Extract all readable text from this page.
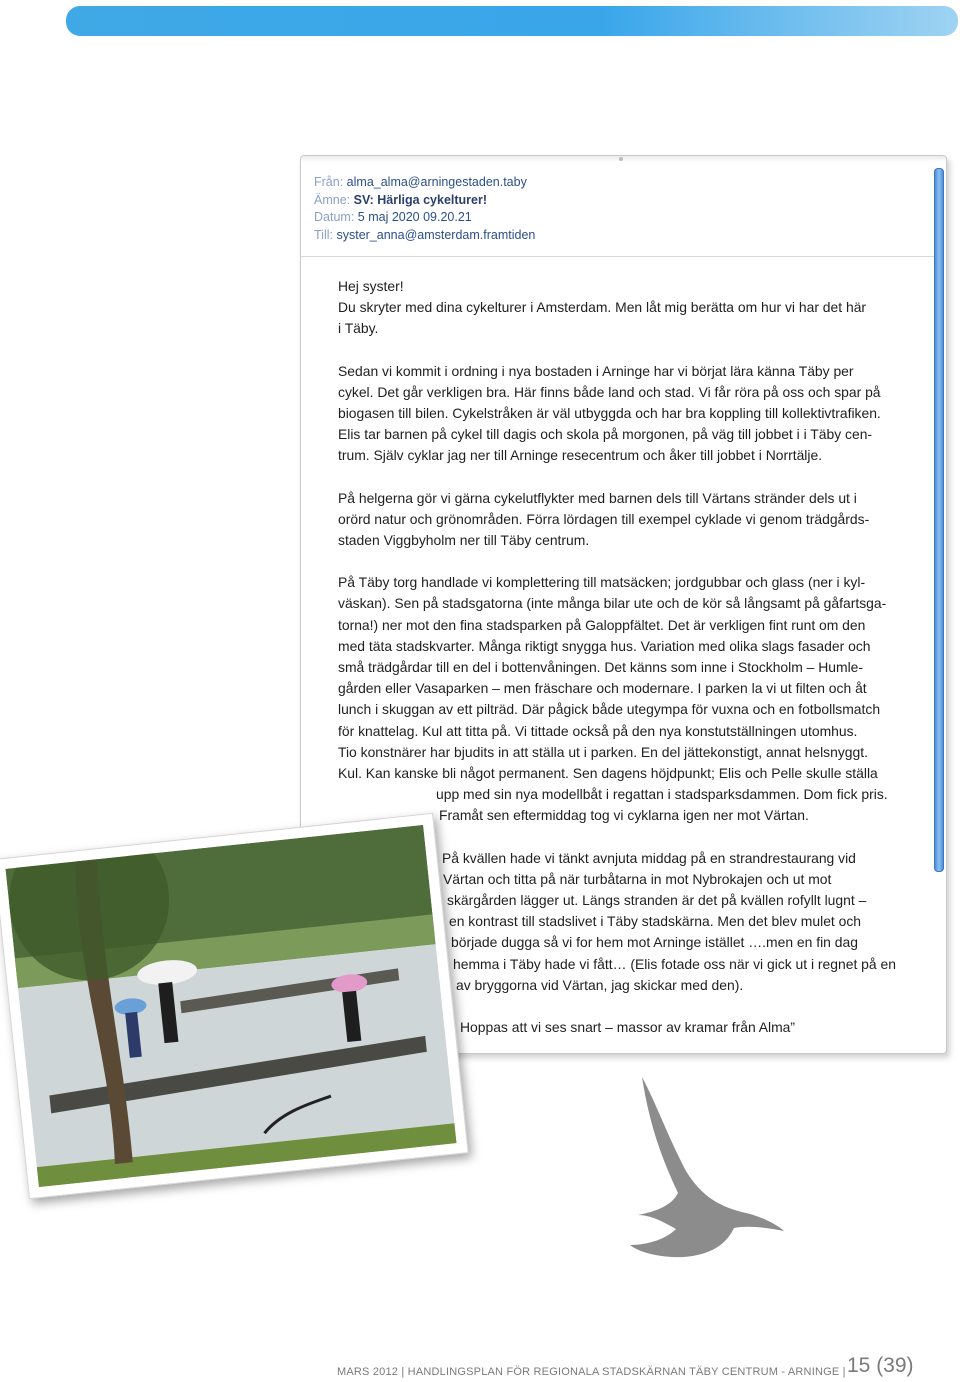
Från: alma_alma@arningestaden.taby
Ämne: SV: Härliga cykelturer!
Datum: 5 maj 2020 09.20.21
Till: syster_anna@amsterdam.framtiden

Hej syster!
Du skryter med dina cykelturer i Amsterdam. Men låt mig berätta om hur vi har det här
i Täby.

Sedan vi kommit i ordning i nya bostaden i Arninge har vi börjat lära känna Täby per
cykel. Det går verkligen bra. Här finns både land och stad. Vi får röra på oss och spar på
biogasen till bilen. Cykelstråken är väl utbyggda och har bra koppling till kollektivtrafiken.
Elis tar barnen på cykel till dagis och skola på morgonen, på väg till jobbet i i Täby cen-
trum. Själv cyklar jag ner till Arninge resecentrum och åker till jobbet i Norrtälje.

På helgerna gör vi gärna cykelutflykter med barnen dels till Värtans stränder dels ut i
orörd natur och grönområden. Förra lördagen till exempel cyklade vi genom trädgårds-
staden Viggbyholm ner till Täby centrum.

På Täby torg handlade vi komplettering till matsäcken; jordgubbar och glass (ner i kyl-
väskan). Sen på stadsgatorna (inte många bilar ute och de kör så långsamt på gåfartsga-
torna!) ner mot den fina stadsparken på Galoppfältet. Det är verkligen fint runt om den
med täta stadskvarter. Många riktigt snygga hus. Variation med olika slags fasader och
små trädgårdar till en del i bottenvåningen. Det känns som inne i Stockholm – Humle-
gården eller Vasaparken – men fräschare och modernare. I parken la vi ut filten och åt
lunch i skuggan av ett pilträd. Där pågick både utegympa för vuxna och en fotbollsmatch
för knattelag. Kul att titta på. Vi tittade också på den nya konstutställningen utomhus.
Tio konstnärer har bjudits in att ställa ut i parken. En del jättekonstigt, annat helsnyggt.
Kul. Kan kanske bli något permanent. Sen dagens höjdpunkt; Elis och Pelle skulle ställa
upp med sin nya modellbåt i regattan i stadsparksdammen. Dom fick pris.
Framåt sen eftermiddag tog vi cyklarna igen ner mot Värtan.

På kvällen hade vi tänkt avnjuta middag på en strandrestaurang vid
Värtan och titta på när turbåtarna in mot Nybrokajen och ut mot
skärgården lägger ut. Längs stranden är det på kvällen rofyllt lugnt –
en kontrast till stadslivet i Täby stadskärna. Men det blev mulet och
började dugga så vi for hem mot Arninge istället ….men en fin dag
hemma i Täby hade vi fått… (Elis fotade oss när vi gick ut i regnet på en
av bryggorna vid Värtan, jag skickar med den).

Hoppas att vi ses snart – massor av kramar från Alma”

MARS 2012 | HANDLINGSPLAN FÖR REGIONALA STADSKÄRNAN TÄBY CENTRUM - ARNINGE | 15 (39)
